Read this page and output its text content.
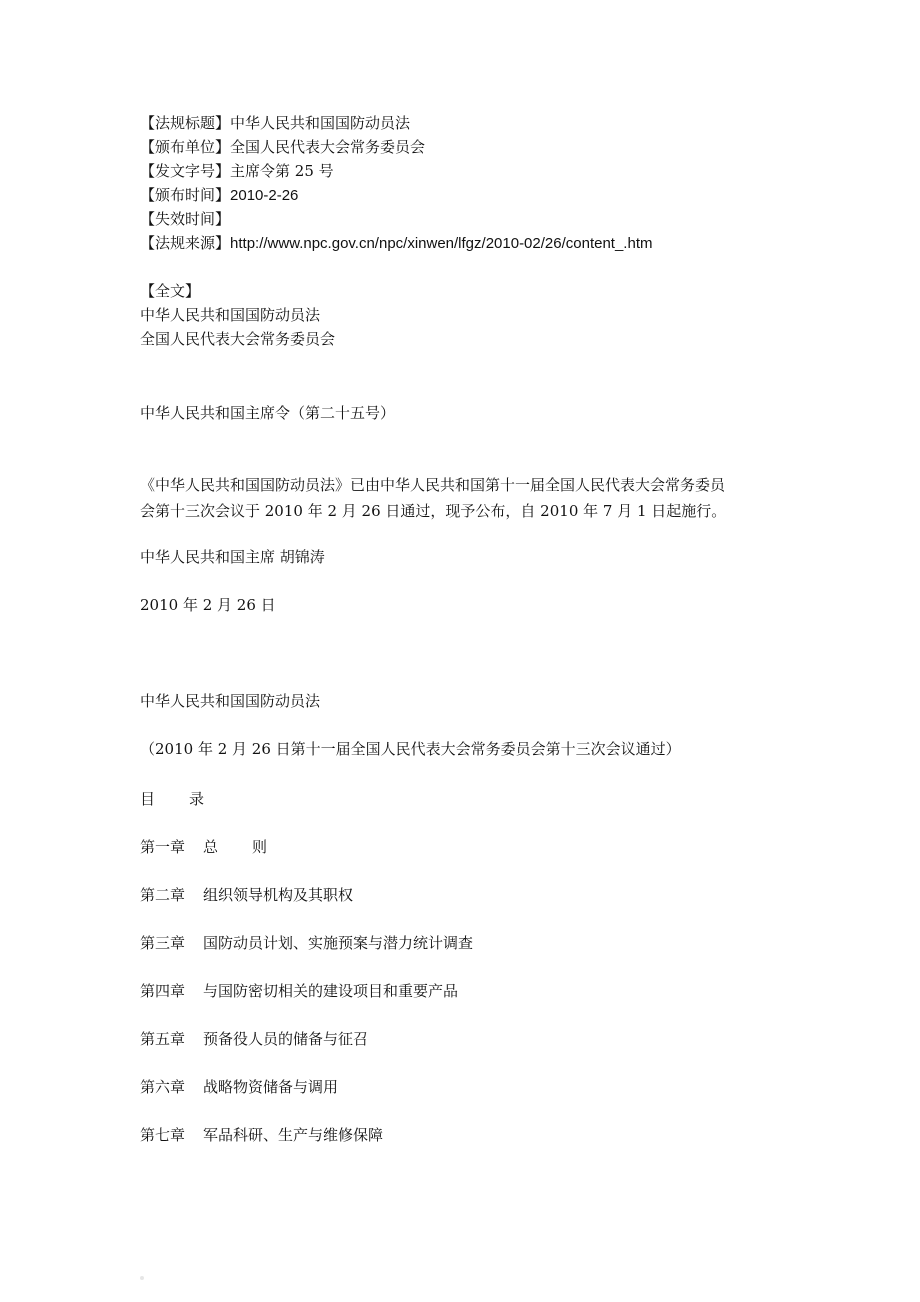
【法规标题】中华人民共和国国防动员法
【颁布单位】全国人民代表大会常务委员会
【发文字号】主席令第 25 号
【颁布时间】2010-2-26
【失效时间】
【法规来源】http://www.npc.gov.cn/npc/xinwen/lfgz/2010-02/26/content_.htm
【全文】
中华人民共和国国防动员法
全国人民代表大会常务委员会
中华人民共和国主席令（第二十五号）
《中华人民共和国国防动员法》已由中华人民共和国第十一届全国人民代表大会常务委员
会第十三次会议于 2010 年 2 月 26 日通过，现予公布，自 2010 年 7 月 1 日起施行。
中华人民共和国主席 胡锦涛
2010 年 2 月 26 日
中华人民共和国国防动员法
（2010 年 2 月 26 日第十一届全国人民代表大会常务委员会第十三次会议通过）
目 录
第一章 总 则
第二章 组织领导机构及其职权
第三章 国防动员计划、实施预案与潜力统计调查
第四章 与国防密切相关的建设项目和重要产品
第五章 预备役人员的储备与征召
第六章 战略物资储备与调用
第七章 军品科研、生产与维修保障
